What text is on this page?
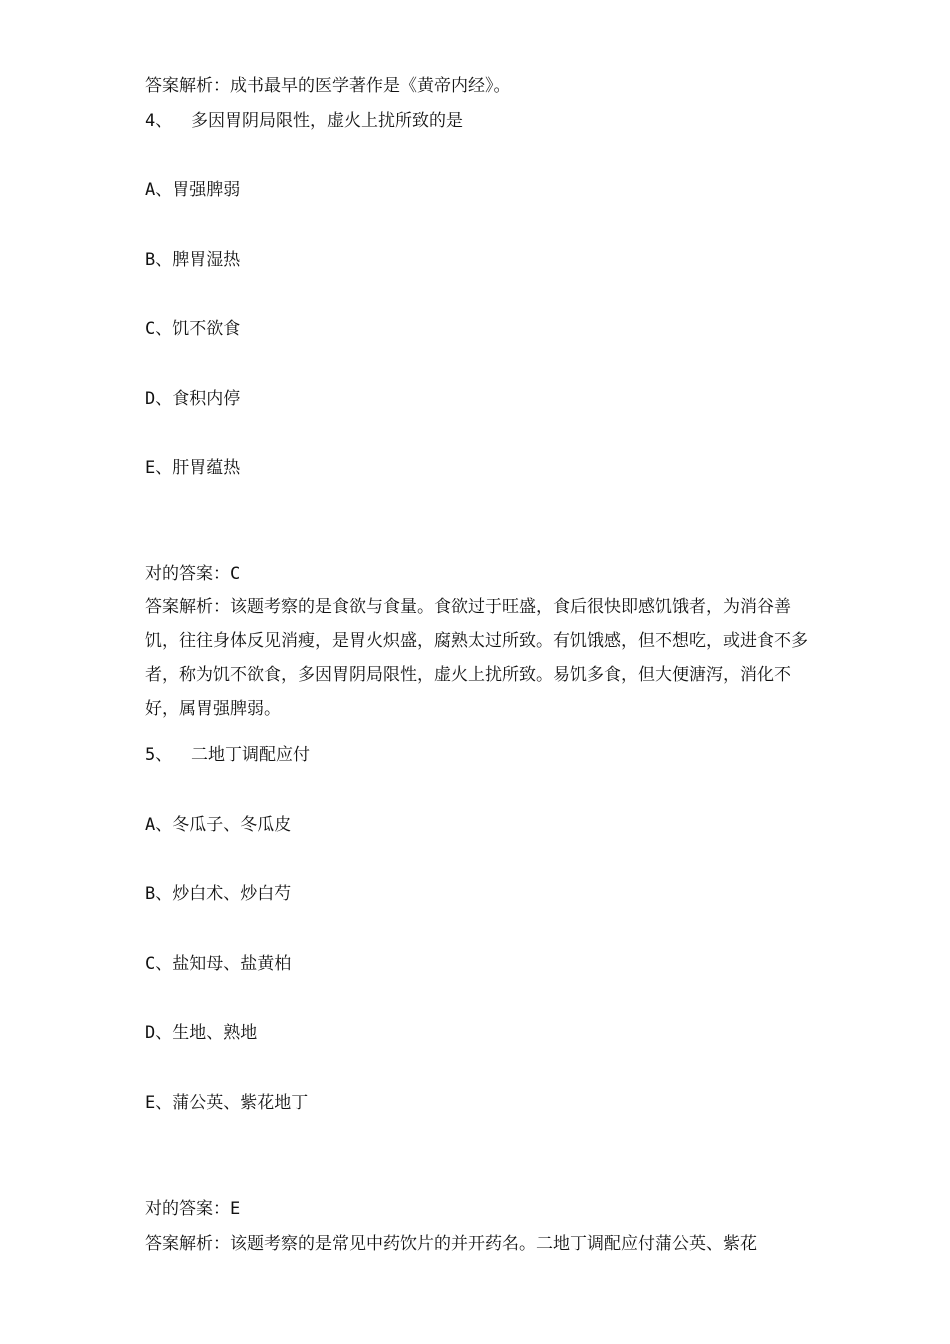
答案解析：成书最早的医学著作是《黄帝内经》。
4、 多因胃阴局限性，虚火上扰所致的是
A、胃强脾弱
B、脾胃湿热
C、饥不欲食
D、食积内停
E、肝胃蕴热
对的答案：C
答案解析：该题考察的是食欲与食量。食欲过于旺盛，食后很快即感饥饿者，为消谷善饥，往往身体反见消瘦，是胃火炽盛，腐熟太过所致。有饥饿感，但不想吃，或进食不多者，称为饥不欲食，多因胃阴局限性，虚火上扰所致。易饥多食，但大便溏泻，消化不好，属胃强脾弱。
5、 二地丁调配应付
A、冬瓜子、冬瓜皮
B、炒白术、炒白芍
C、盐知母、盐黄柏
D、生地、熟地
E、蒲公英、紫花地丁
对的答案：E
答案解析：该题考察的是常见中药饮片的并开药名。二地丁调配应付蒲公英、紫花
